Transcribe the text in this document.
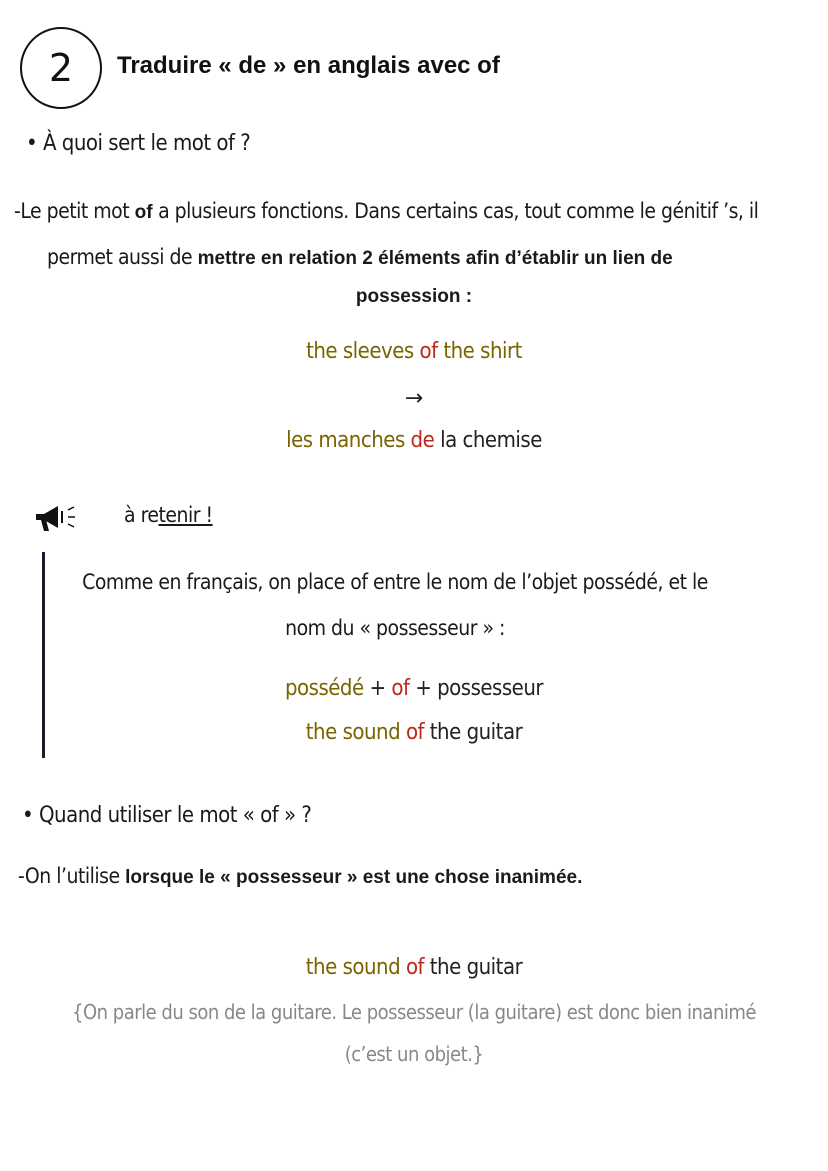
2 Traduire « de » en anglais avec of
• À quoi sert le mot of ?
-Le petit mot of a plusieurs fonctions. Dans certains cas, tout comme le génitif ’s, il
permet aussi de mettre en relation 2 éléments afin d’établir un lien de
possession :
the sleeves of the shirt
→
les manches de la chemise
à retenir !
Comme en français, on place of entre le nom de l’objet possédé, et le
nom du « possesseur » :
possédé + of + possesseur
the sound of the guitar
• Quand utiliser le mot « of » ?
-On l’utilise lorsque le « possesseur » est une chose inanimée.
the sound of the guitar
{On parle du son de la guitare. Le possesseur (la guitare) est donc bien inanimé
(c’est un objet.}
